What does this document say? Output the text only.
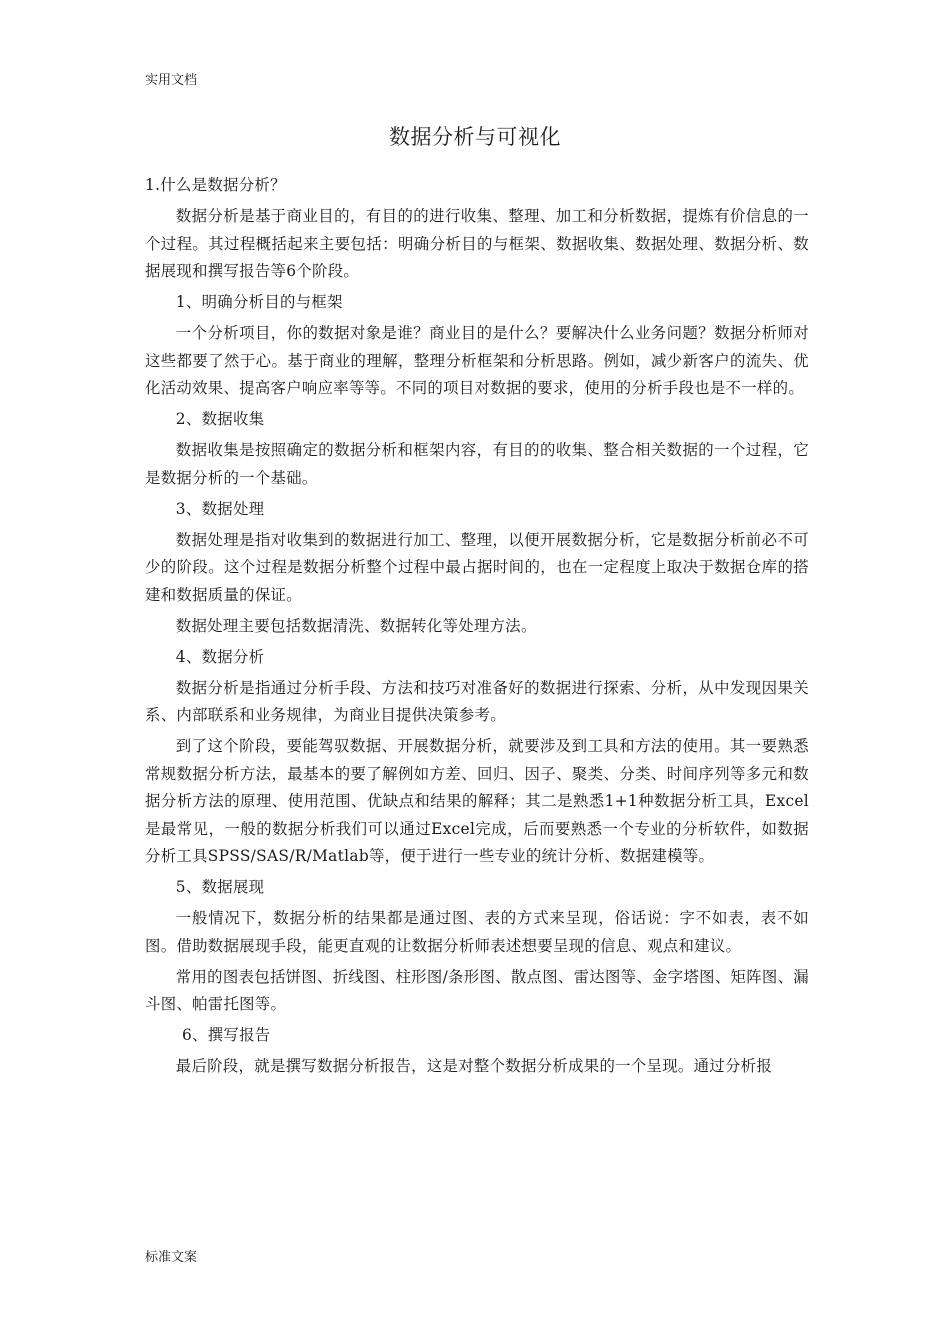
实用文档
数据分析与可视化

1.什么是数据分析？

数据分析是基于商业目的，有目的的进行收集、整理、加工和分析数据，提炼有价信息的一个过程。其过程概括起来主要包括：明确分析目的与框架、数据收集、数据处理、数据分析、数据展现和撰写报告等6个阶段。

1、明确分析目的与框架

一个分析项目，你的数据对象是谁？商业目的是什么？要解决什么业务问题？数据分析师对这些都要了然于心。基于商业的理解，整理分析框架和分析思路。例如，减少新客户的流失、优化活动效果、提高客户响应率等等。不同的项目对数据的要求，使用的分析手段也是不一样的。

2、数据收集

数据收集是按照确定的数据分析和框架内容，有目的的收集、整合相关数据的一个过程，它是数据分析的一个基础。

3、数据处理

数据处理是指对收集到的数据进行加工、整理，以便开展数据分析，它是数据分析前必不可少的阶段。这个过程是数据分析整个过程中最占据时间的，也在一定程度上取决于数据仓库的搭建和数据质量的保证。

数据处理主要包括数据清洗、数据转化等处理方法。

4、数据分析

数据分析是指通过分析手段、方法和技巧对准备好的数据进行探索、分析，从中发现因果关系、内部联系和业务规律，为商业目提供决策参考。

到了这个阶段，要能驾驭数据、开展数据分析，就要涉及到工具和方法的使用。其一要熟悉常规数据分析方法，最基本的要了解例如方差、回归、因子、聚类、分类、时间序列等多元和数据分析方法的原理、使用范围、优缺点和结果的解释；其二是熟悉1+1种数据分析工具，Excel是最常见，一般的数据分析我们可以通过Excel完成，后而要熟悉一个专业的分析软件，如数据分析工具SPSS/SAS/R/Matlab等，便于进行一些专业的统计分析、数据建模等。

5、数据展现

一般情况下，数据分析的结果都是通过图、表的方式来呈现，俗话说：字不如表，表不如图。借助数据展现手段，能更直观的让数据分析师表述想要呈现的信息、观点和建议。

常用的图表包括饼图、折线图、柱形图/条形图、散点图、雷达图等、金字塔图、矩阵图、漏斗图、帕雷托图等。

6、撰写报告

最后阶段，就是撰写数据分析报告，这是对整个数据分析成果的一个呈现。通过分析报

标准文案
